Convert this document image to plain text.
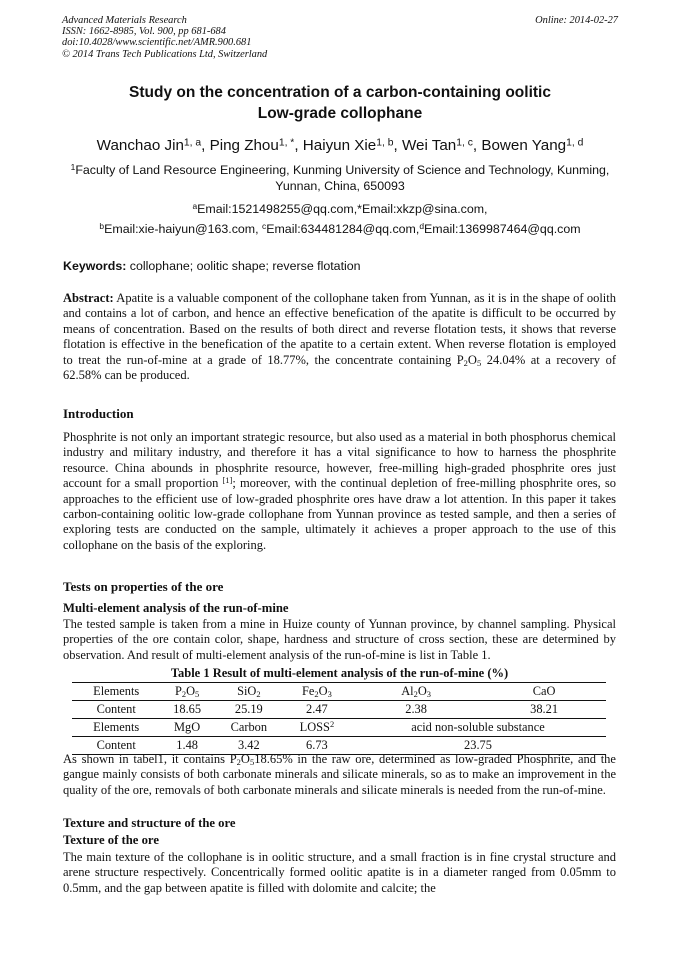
Advanced Materials Research
ISSN: 1662-8985, Vol. 900, pp 681-684
doi:10.4028/www.scientific.net/AMR.900.681
© 2014 Trans Tech Publications Ltd, Switzerland
Online: 2014-02-27
Study on the concentration of a carbon-containing oolitic
Low-grade collophane
Wanchao Jin$^{1, a}$, Ping Zhou$^{1, *}$, Haiyun Xie$^{1, b}$, Wei Tan$^{1, c}$, Bowen Yang$^{1, d}$
$^1$Faculty of Land Resource Engineering, Kunming University of Science and Technology, Kunming,
Yunnan, China, 650093
$^a$Email:1521498255@qq.com,*Email:xkzp@sina.com,
$^b$Email:xie-haiyun@163.com, $^c$Email:634481284@qq.com,$^d$Email:1369987464@qq.com
Keywords: collophane; oolitic shape; reverse flotation
Abstract: Apatite is a valuable component of the collophane taken from Yunnan, as it is in the shape of oolith and contains a lot of carbon, and hence an effective benefication of the apatite is difficult to be occurred by means of concentration. Based on the results of both direct and reverse flotation tests, it shows that reverse flotation is effective in the benefication of the apatite to a certain extent. When reverse flotation is employed to treat the run-of-mine at a grade of 18.77%, the concentrate containing $P_2O_5$ 24.04% at a recovery of 62.58% can be produced.
Introduction
Phosphrite is not only an important strategic resource, but also used as a material in both phosphorus chemical industry and military industry, and therefore it has a vital significance to how to harness the phosphrite resource. China abounds in phosphrite resource, however, free-milling high-graded phosphrite ores just account for a small proportion [1]; moreover, with the continual depletion of free-milling phosphrite ores, so approaches to the efficient use of low-graded phosphrite ores have draw a lot attention. In this paper it takes carbon-containing oolitic low-grade collophane from Yunnan province as tested sample, and then a series of exploring tests are conducted on the sample, ultimately it achieves a proper approach to the use of this collophane on the basis of the exploring.
Tests on properties of the ore
Multi-element analysis of the run-of-mine
The tested sample is taken from a mine in Huize county of Yunnan province, by channel sampling. Physical properties of the ore contain color, shape, hardness and structure of cross section, these are determined by observation. And result of multi-element analysis of the run-of-mine is list in Table 1.
Table 1 Result of multi-element analysis of the run-of-mine (%)
Elements	$P_2O_5$	SiO$_2$	$Fe_2O_3$	$Al_2O_3$	CaO
Content	18.65	25.19	2.47	2.38	38.21
Elements	MgO	Carbon	LOSS$^2$	acid non-soluble substance	
Content	1.48	3.42	6.73	23.75	
As shown in tabel1, it contains $P_2O_518.65\%$ in the raw ore, determined as low-graded Phosphrite, and the gangue mainly consists of both carbonate minerals and silicate minerals, so as to make an improvement in the quality of the ore, removals of both carbonate minerals and silicate minerals is needed from the run-of-mine.
Texture and structure of the ore
Texture of the ore
The main texture of the collophane is in oolitic structure, and a small fraction is in fine crystal structure and arene structure respectively. Concentrically formed oolitic apatite is in a diameter ranged from 0.05mm to 0.5mm, and the gap between apatite is filled with dolomite and calcite; the
